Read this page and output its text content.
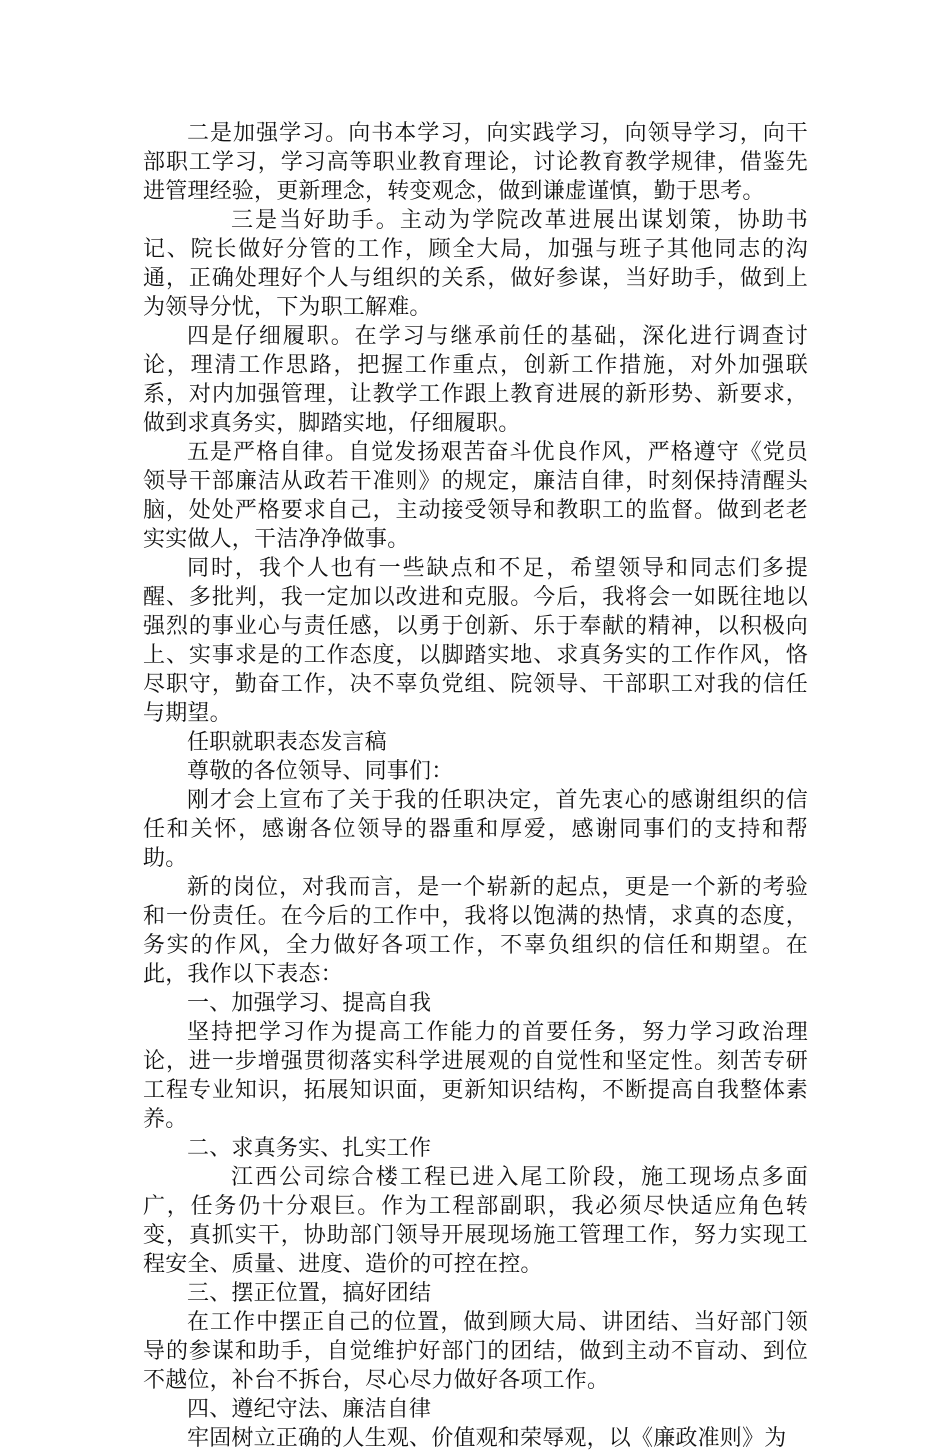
二是加强学习。向书本学习，向实践学习，向领导学习，向干部职工学习，学习高等职业教育理论，讨论教育教学规律，借鉴先进管理经验，更新理念，转变观念，做到谦虚谨慎，勤于思考。

三是当好助手。主动为学院改革进展出谋划策，协助书记、院长做好分管的工作，顾全大局，加强与班子其他同志的沟通，正确处理好个人与组织的关系，做好参谋，当好助手，做到上为领导分忧，下为职工解难。

四是仔细履职。在学习与继承前任的基础，深化进行调查讨论，理清工作思路，把握工作重点，创新工作措施，对外加强联系，对内加强管理，让教学工作跟上教育进展的新形势、新要求，做到求真务实，脚踏实地，仔细履职。

五是严格自律。自觉发扬艰苦奋斗优良作风，严格遵守《党员领导干部廉洁从政若干准则》的规定，廉洁自律，时刻保持清醒头脑，处处严格要求自己，主动接受领导和教职工的监督。做到老老实实做人，干洁净净做事。

同时，我个人也有一些缺点和不足，希望领导和同志们多提醒、多批判，我一定加以改进和克服。今后，我将会一如既往地以强烈的事业心与责任感，以勇于创新、乐于奉献的精神，以积极向上、实事求是的工作态度，以脚踏实地、求真务实的工作作风，恪尽职守，勤奋工作，决不辜负党组、院领导、干部职工对我的信任与期望。

任职就职表态发言稿

尊敬的各位领导、同事们：

刚才会上宣布了关于我的任职决定，首先衷心的感谢组织的信任和关怀，感谢各位领导的器重和厚爱，感谢同事们的支持和帮助。

新的岗位，对我而言，是一个崭新的起点，更是一个新的考验和一份责任。在今后的工作中，我将以饱满的热情，求真的态度，务实的作风，全力做好各项工作，不辜负组织的信任和期望。在此，我作以下表态：

一、加强学习、提高自我

坚持把学习作为提高工作能力的首要任务，努力学习政治理论，进一步增强贯彻落实科学进展观的自觉性和坚定性。刻苦专研工程专业知识，拓展知识面，更新知识结构，不断提高自我整体素养。

二、求真务实、扎实工作

江西公司综合楼工程已进入尾工阶段，施工现场点多面广，任务仍十分艰巨。作为工程部副职，我必须尽快适应角色转变，真抓实干，协助部门领导开展现场施工管理工作，努力实现工程安全、质量、进度、造价的可控在控。

三、摆正位置，搞好团结

在工作中摆正自己的位置，做到顾大局、讲团结、当好部门领导的参谋和助手，自觉维护好部门的团结，做到主动不盲动、到位不越位，补台不拆台，尽心尽力做好各项工作。

四、遵纪守法、廉洁自律

牢固树立正确的人生观、价值观和荣辱观，以《廉政准则》为
